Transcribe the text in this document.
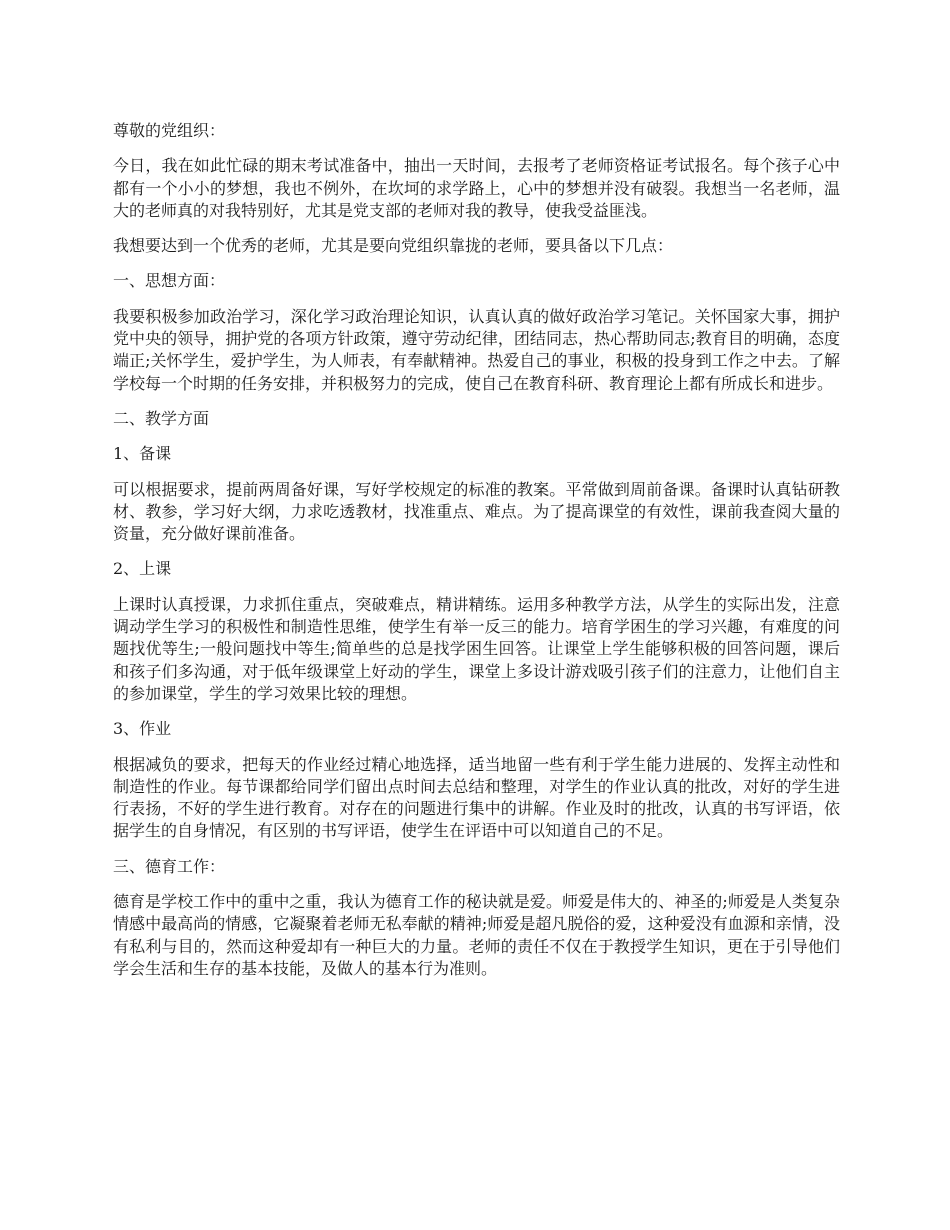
尊敬的党组织：

今日，我在如此忙碌的期末考试准备中，抽出一天时间，去报考了老师资格证考试报名。每个孩子心中都有一个小小的梦想，我也不例外，在坎坷的求学路上，心中的梦想并没有破裂。我想当一名老师，温大的老师真的对我特别好，尤其是党支部的老师对我的教导，使我受益匪浅。

我想要达到一个优秀的老师，尤其是要向党组织靠拢的老师，要具备以下几点：

一、思想方面：

我要积极参加政治学习，深化学习政治理论知识，认真认真的做好政治学习笔记。关怀国家大事，拥护党中央的领导，拥护党的各项方针政策，遵守劳动纪律，团结同志，热心帮助同志;教育目的明确，态度端正;关怀学生，爱护学生，为人师表，有奉献精神。热爱自己的事业，积极的投身到工作之中去。了解学校每一个时期的任务安排，并积极努力的完成，使自己在教育科研、教育理论上都有所成长和进步。

二、教学方面

1、备课

可以根据要求，提前两周备好课，写好学校规定的标准的教案。平常做到周前备课。备课时认真钻研教材、教参，学习好大纲，力求吃透教材，找准重点、难点。为了提高课堂的有效性，课前我查阅大量的资量，充分做好课前准备。

2、上课

上课时认真授课，力求抓住重点，突破难点，精讲精练。运用多种教学方法，从学生的实际出发，注意调动学生学习的积极性和制造性思维，使学生有举一反三的能力。培育学困生的学习兴趣，有难度的问题找优等生;一般问题找中等生;简单些的总是找学困生回答。让课堂上学生能够积极的回答问题，课后和孩子们多沟通，对于低年级课堂上好动的学生，课堂上多设计游戏吸引孩子们的注意力，让他们自主的参加课堂，学生的学习效果比较的理想。

3、作业

根据减负的要求，把每天的作业经过精心地选择，适当地留一些有利于学生能力进展的、发挥主动性和制造性的作业。每节课都给同学们留出点时间去总结和整理，对学生的作业认真的批改，对好的学生进行表扬，不好的学生进行教育。对存在的问题进行集中的讲解。作业及时的批改，认真的书写评语，依据学生的自身情况，有区别的书写评语，使学生在评语中可以知道自己的不足。

三、德育工作：

德育是学校工作中的重中之重，我认为德育工作的秘诀就是爱。师爱是伟大的、神圣的;师爱是人类复杂情感中最高尚的情感，它凝聚着老师无私奉献的精神;师爱是超凡脱俗的爱，这种爱没有血源和亲情，没有私利与目的，然而这种爱却有一种巨大的力量。老师的责任不仅在于教授学生知识，更在于引导他们学会生活和生存的基本技能，及做人的基本行为准则。
